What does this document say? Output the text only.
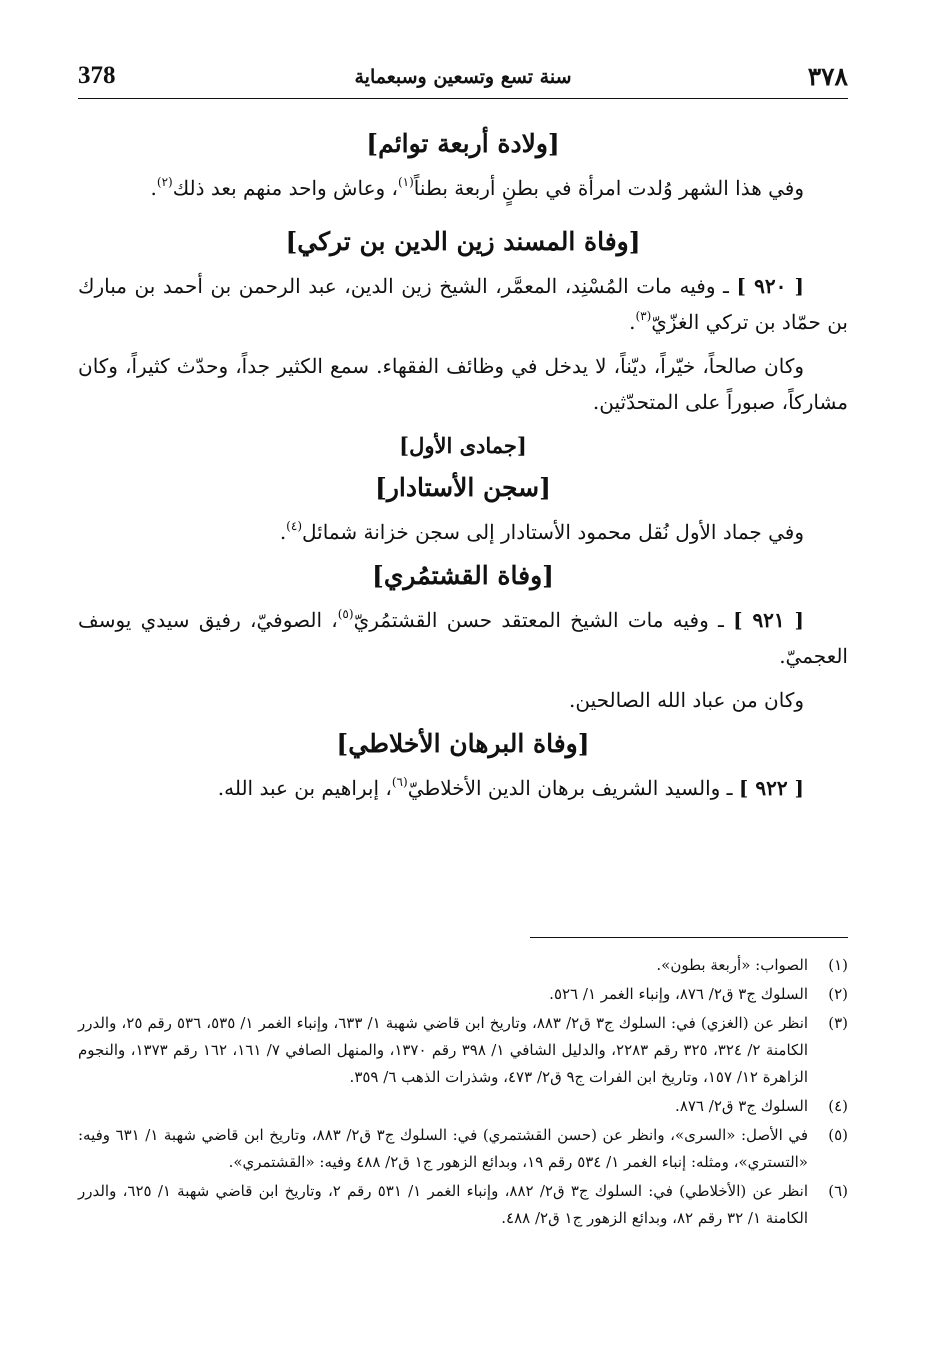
378	سنة تسع وتسعين وسبعماية	٣٧٨
[ولادة أربعة توائم]

وفي هذا الشهر وُلدت امرأة في بطنٍ أربعة بطناً$^{(١)}$، وعاش واحد منهم بعد ذلك$^{(٢)}$.

[وفاة المسند زين الدين بن تركي]

[ ٩٢٠ ] ـ وفيه مات المُسْنِد، المعمَّر، الشيخ زين الدين، عبد الرحمن بن أحمد بن مبارك بن حمّاد بن تركي الغزّيّ$^{(٣)}$.

وكان صالحاً، خيّراً، ديّناً، لا يدخل في وظائف الفقهاء. سمع الكثير جداً، وحدّث كثيراً، وكان مشاركاً، صبوراً على المتحدّثين.

[جمادى الأول]
[سجن الأستادار]

وفي جماد الأول نُقل محمود الأستادار إلى سجن خزانة شمائل$^{(٤)}$.

[وفاة القشتمُري]

[ ٩٢١ ] ـ وفيه مات الشيخ المعتقد حسن القشتمُريّ$^{(٥)}$، الصوفيّ، رفيق سيدي يوسف العجميّ.

وكان من عباد الله الصالحين.

[وفاة البرهان الأخلاطي]

[ ٩٢٢ ] ـ والسيد الشريف برهان الدين الأخلاطيّ$^{(٦)}$، إبراهيم بن عبد الله.

(١)
الصواب: «أربعة بطون».
(٢)
السلوك ج٣ ق٢/ ٨٧٦، وإنباء الغمر ١/ ٥٢٦.
(٣)
انظر عن (الغزي) في: السلوك ج٣ ق٢/ ٨٨٣، وتاريخ ابن قاضي شهبة ١/ ٦٣٣، وإنباء الغمر ١/ ٥٣٥، ٥٣٦ رقم ٢٥، والدرر الكامنة ٢/ ٣٢٤، ٣٢٥ رقم ٢٢٨٣، والدليل الشافي ١/ ٣٩٨ رقم ١٣٧٠، والمنهل الصافي ٧/ ١٦١، ١٦٢ رقم ١٣٧٣، والنجوم الزاهرة ١٢/ ١٥٧، وتاريخ ابن الفرات ج٩ ق٢/ ٤٧٣، وشذرات الذهب ٦/ ٣٥٩.
(٤)
السلوك ج٣ ق٢/ ٨٧٦.
(٥)
في الأصل: «السرى»، وانظر عن (حسن القشتمري) في: السلوك ج٣ ق٢/ ٨٨٣، وتاريخ ابن قاضي شهبة ١/ ٦٣١ وفيه: «التستري»، ومثله: إنباء الغمر ١/ ٥٣٤ رقم ١٩، وبدائع الزهور ج١ ق٢/ ٤٨٨ وفيه: «القشتمري».
(٦)
انظر عن (الأخلاطي) في: السلوك ج٣ ق٢/ ٨٨٢، وإنباء الغمر ١/ ٥٣١ رقم ٢، وتاريخ ابن قاضي شهبة ١/ ٦٢٥، والدرر الكامنة ١/ ٣٢ رقم ٨٢، وبدائع الزهور ج١ ق٢/ ٤٨٨.
